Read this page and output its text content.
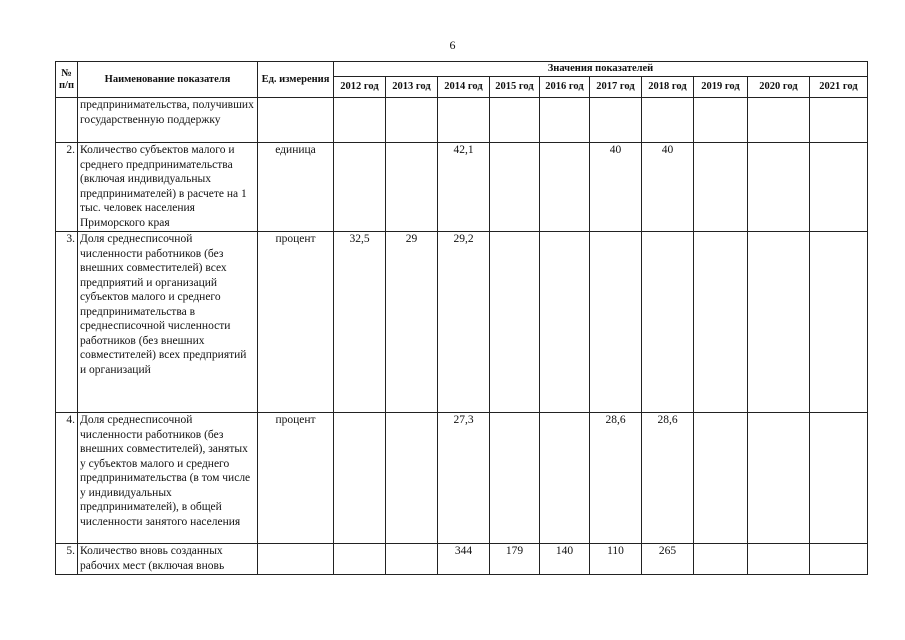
6
№ п/п	Наименование показателя	Ед. измерения	Значения показателей									
			2012 год	2013 год	2014 год	2015 год	2016 год	2017 год	2018 год	2019 год	2020 год	2021 год
	предпринимательства, получивших государственную поддержку											
2.	Количество субъектов малого и среднего предпринимательства (включая индивидуальных предпринимателей) в расчете на 1 тыс. человек населения Приморского края	единица			42,1			40	40			
3.	Доля среднесписочной численности работников (без внешних совместителей) всех предприятий и организаций субъектов малого и среднего предпринимательства в среднесписочной численности работников (без внешних совместителей) всех предприятий и организаций	процент	32,5	29	29,2							
4.	Доля среднесписочной численности работников (без внешних совместителей), занятых у субъектов малого и среднего предпринимательства (в том числе у индивидуальных предпринимателей), в общей численности занятого населения	процент			27,3			28,6	28,6			
5.	Количество вновь созданных рабочих мест (включая вновь				344	179	140	110	265			
